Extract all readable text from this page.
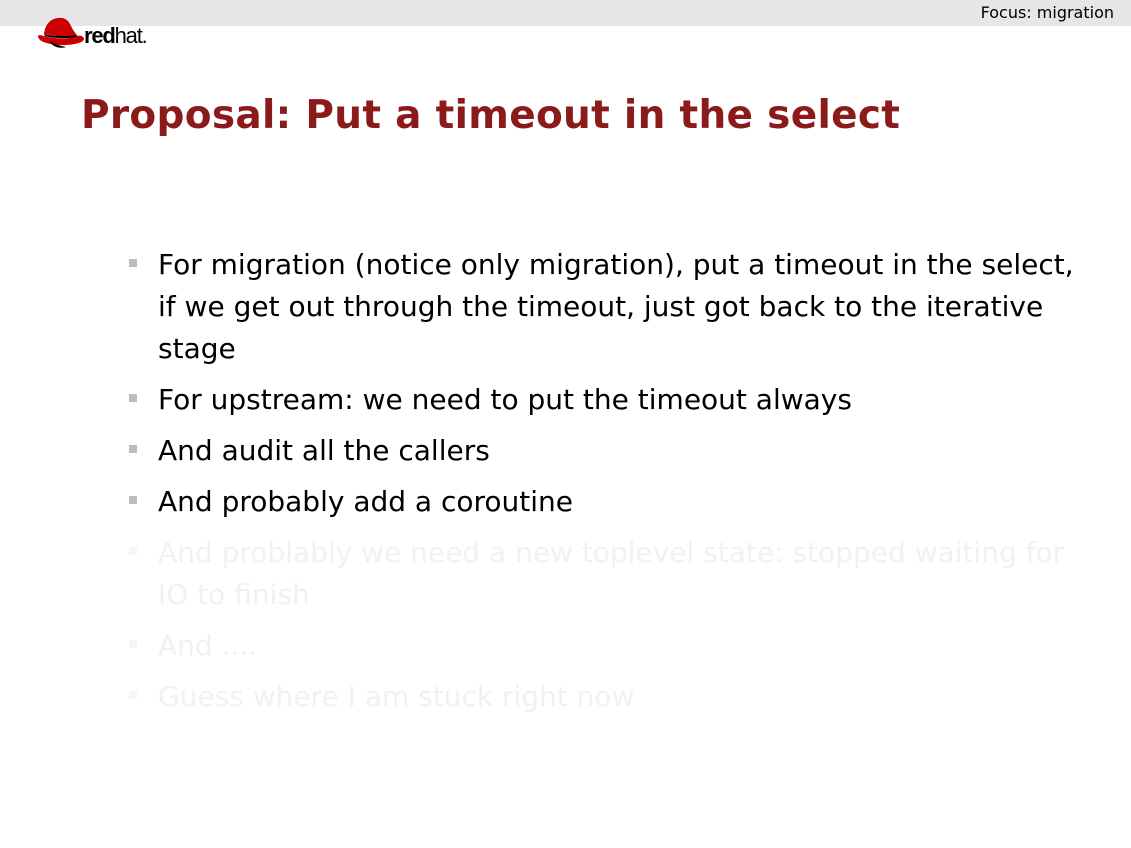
Focus: migration
redhat.
Proposal: Put a timeout in the select
For migration (notice only migration), put a timeout in the select, if we get out through the timeout, just got back to the iterative stage
For upstream: we need to put the timeout always
And audit all the callers
And probably add a coroutine
And problably we need a new toplevel state: stopped waiting for IO to finish
And ....
Guess where I am stuck right now
